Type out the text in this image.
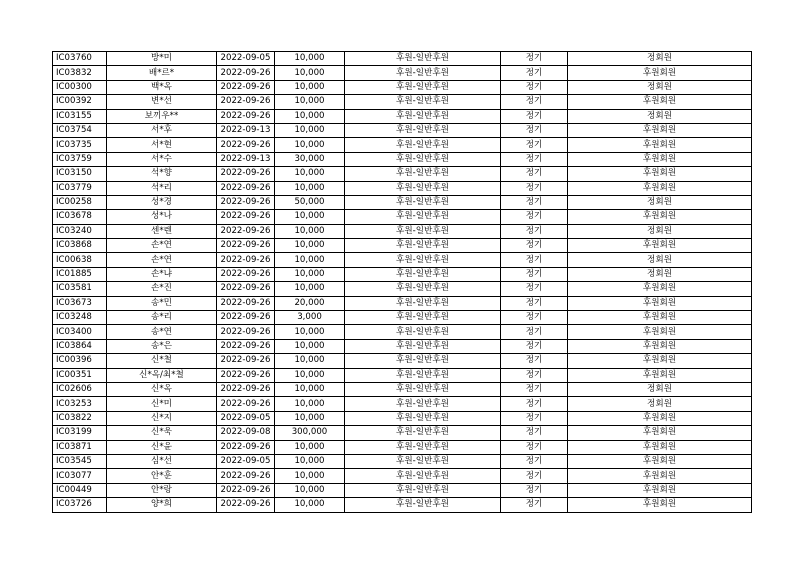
IC03760	방*미	2022-09-05	10,000	후원-일반후원	정기	정회원
IC03832	배*르*	2022-09-26	10,000	후원-일반후원	정기	후원회원
IC00300	백*옥	2022-09-26	10,000	후원-일반후원	정기	정회원
IC00392	변*선	2022-09-26	10,000	후원-일반후원	정기	후원회원
IC03155	보끼우**	2022-09-26	10,000	후원-일반후원	정기	정회원
IC03754	서*후	2022-09-13	10,000	후원-일반후원	정기	후원회원
IC03735	서*현	2022-09-26	10,000	후원-일반후원	정기	후원회원
IC03759	서*수	2022-09-13	30,000	후원-일반후원	정기	후원회원
IC03150	석*향	2022-09-26	10,000	후원-일반후원	정기	후원회원
IC03779	석*리	2022-09-26	10,000	후원-일반후원	정기	후원회원
IC00258	성*경	2022-09-26	50,000	후원-일반후원	정기	정회원
IC03678	성*나	2022-09-26	10,000	후원-일반후원	정기	후원회원
IC03240	센*렌	2022-09-26	10,000	후원-일반후원	정기	정회원
IC03868	손*연	2022-09-26	10,000	후원-일반후원	정기	후원회원
IC00638	손*연	2022-09-26	10,000	후원-일반후원	정기	정회원
IC01885	손*냐	2022-09-26	10,000	후원-일반후원	정기	정회원
IC03581	손*진	2022-09-26	10,000	후원-일반후원	정기	후원회원
IC03673	송*민	2022-09-26	20,000	후원-일반후원	정기	후원회원
IC03248	송*리	2022-09-26	3,000	후원-일반후원	정기	후원회원
IC03400	송*연	2022-09-26	10,000	후원-일반후원	정기	후원회원
IC03864	송*은	2022-09-26	10,000	후원-일반후원	정기	후원회원
IC00396	신*철	2022-09-26	10,000	후원-일반후원	정기	후원회원
IC00351	신*옥/최*철	2022-09-26	10,000	후원-일반후원	정기	후원회원
IC02606	신*옥	2022-09-26	10,000	후원-일반후원	정기	정회원
IC03253	신*미	2022-09-26	10,000	후원-일반후원	정기	정회원
IC03822	신*지	2022-09-05	10,000	후원-일반후원	정기	후원회원
IC03199	신*욱	2022-09-08	300,000	후원-일반후원	정기	후원회원
IC03871	신*윤	2022-09-26	10,000	후원-일반후원	정기	후원회원
IC03545	심*선	2022-09-05	10,000	후원-일반후원	정기	후원회원
IC03077	안*훈	2022-09-26	10,000	후원-일반후원	정기	후원회원
IC00449	안*랑	2022-09-26	10,000	후원-일반후원	정기	후원회원
IC03726	양*희	2022-09-26	10,000	후원-일반후원	정기	후원회원
